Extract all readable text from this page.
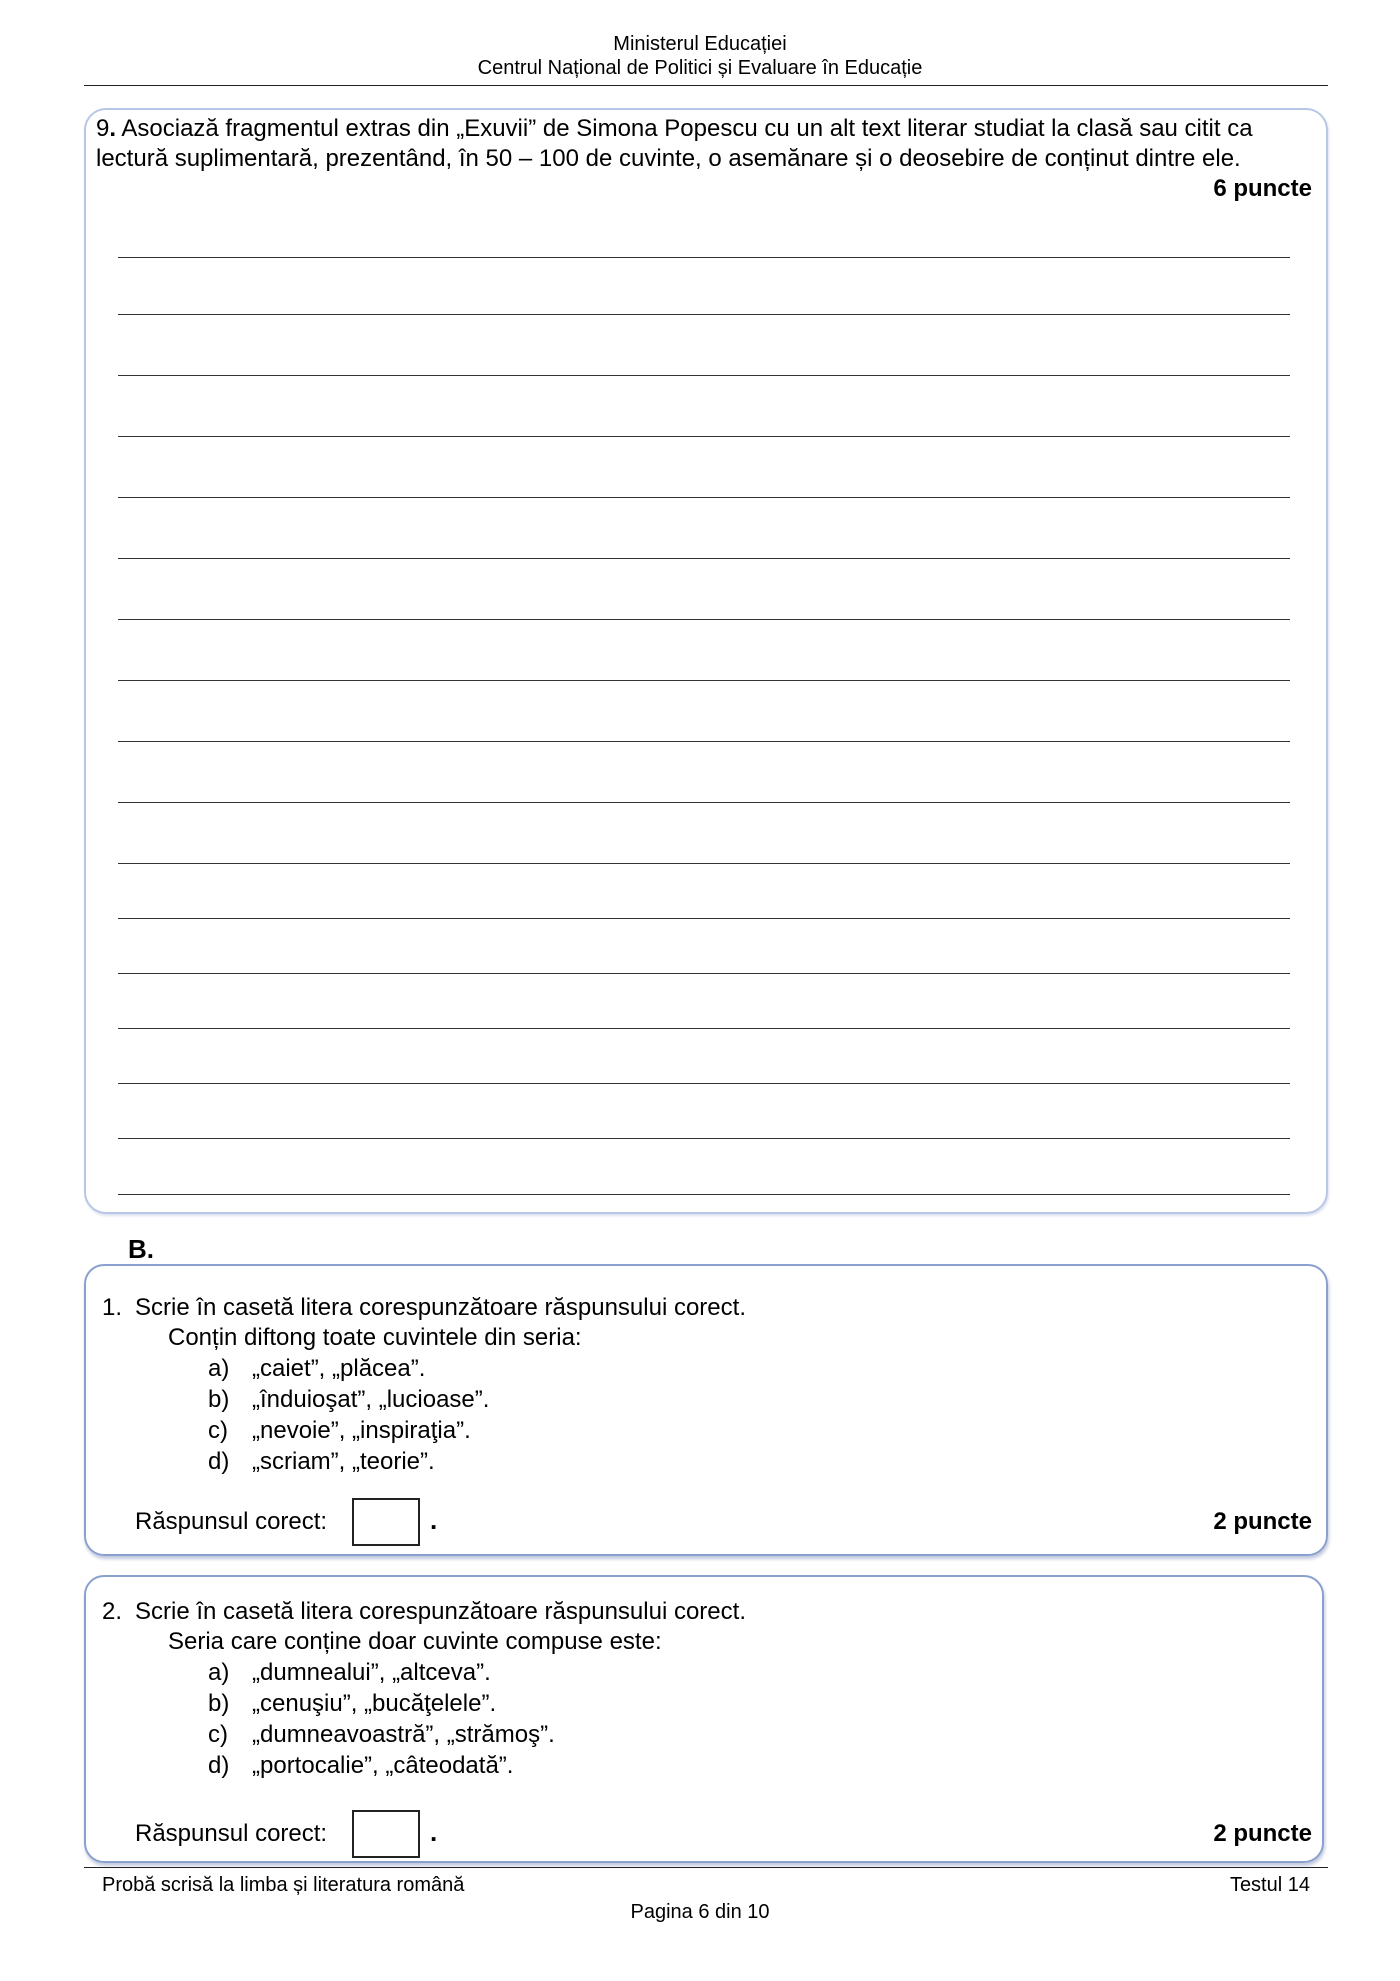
Ministerul Educației
Centrul Național de Politici și Evaluare în Educație
9. Asociază fragmentul extras din „Exuvii” de Simona Popescu cu un alt text literar studiat la clasă sau citit ca lectură suplimentară, prezentând, în 50 – 100 de cuvinte, o asemănare și o deosebire de conținut dintre ele.
6 puncte
B.
1. Scrie în casetă litera corespunzătoare răspunsului corect.
Conțin diftong toate cuvintele din seria:
a) „caiet”, „plăcea”.
b) „înduioşat”, „lucioase”.
c) „nevoie”, „inspiraţia”.
d) „scriam”, „teorie”.
Răspunsul corect:	.	2 puncte
2. Scrie în casetă litera corespunzătoare răspunsului corect.
Seria care conține doar cuvinte compuse este:
a) „dumnealui”, „altceva”.
b) „cenuşiu”, „bucăţelele”.
c) „dumneavoastră”, „strămoş”.
d) „portocalie”, „câteodată”.
Răspunsul corect:	.	2 puncte
Probă scrisă la limba și literatura română	Testul 14
Pagina 6 din 10
